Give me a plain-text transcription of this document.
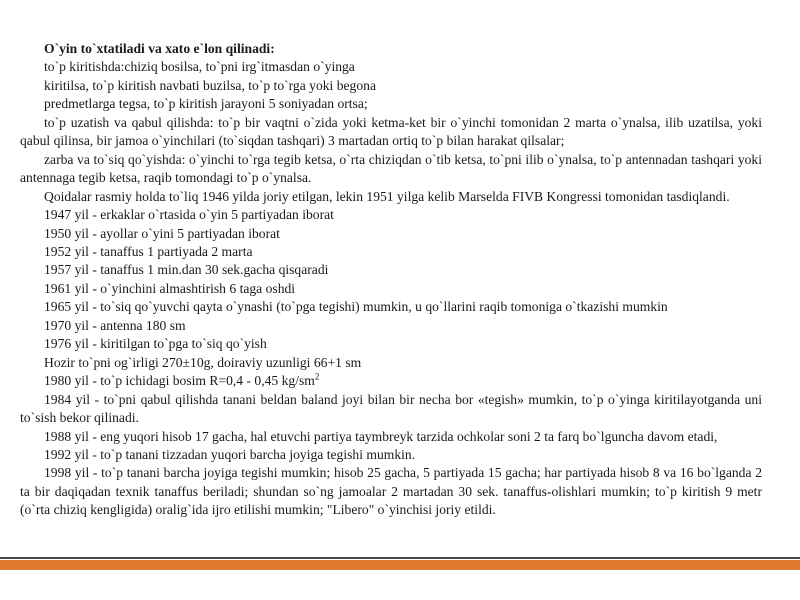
O`yin to`xtatiladi va xato e`lon qilinadi:

to`p kiritishda:chiziq bosilsa, to`pni irg`itmasdan o`yinga

kiritilsa, to`p kiritish navbati buzilsa, to`p to`rga yoki begona

predmetlarga tegsa, to`p kiritish jarayoni 5 soniyadan ortsa;

to`p uzatish va qabul qilishda: to`p bir vaqtni o`zida yoki ketma-ket bir o`yinchi tomonidan 2 marta o`ynalsa, ilib uzatilsa, yoki qabul qilinsa, bir jamoa o`yinchilari (to`siqdan tashqari) 3 martadan ortiq to`p bilan harakat qilsalar;

zarba va to`siq qo`yishda: o`yinchi to`rga tegib ketsa, o`rta chiziqdan o`tib ketsa, to`pni ilib o`ynalsa, to`p antennadan tashqari yoki antennaga tegib ketsa, raqib tomondagi to`p o`ynalsa.

Qoidalar rasmiy holda to`liq 1946 yilda joriy etilgan, lekin 1951 yilga kelib Marselda FIVB Kongressi tomonidan tasdiqlandi.

1947 yil - erkaklar o`rtasida o`yin 5 partiyadan iborat

1950 yil - ayollar o`yini 5 partiyadan iborat

1952 yil - tanaffus 1 partiyada 2 marta

1957 yil - tanaffus 1 min.dan 30 sek.gacha qisqaradi

1961 yil - o`yinchini almashtirish 6 taga oshdi

1965 yil - to`siq qo`yuvchi qayta o`ynashi (to`pga tegishi) mumkin, u qo`llarini raqib tomoniga o`tkazishi mumkin

1970 yil - antenna 180 sm

1976 yil - kiritilgan to`pga to`siq qo`yish

Hozir to`pni og`irligi 270±10g, doiraviy uzunligi 66+1 sm

1980 yil - to`p ichidagi bosim R=0,4 - 0,45 $kg/sm^2$

1984 yil - to`pni qabul qilishda tanani beldan baland joyi bilan bir necha bor «tegish» mumkin, to`p o`yinga kiritilayotganda uni to`sish bekor qilinadi.

1988 yil - eng yuqori hisob 17 gacha, hal etuvchi partiya taymbreyk tarzida ochkolar soni 2 ta farq bo`lguncha davom etadi,

1992 yil - to`p tanani tizzadan yuqori barcha joyiga tegishi mumkin.

1998 yil - to`p tanani barcha joyiga tegishi mumkin; hisob 25 gacha, 5 partiyada 15 gacha; har partiyada hisob 8 va 16 bo`lganda 2 ta bir daqiqadan texnik tanaffus beriladi; shundan so`ng jamoalar 2 martadan 30 sek. tanaffus-olishlari mumkin; to`p kiritish 9 metr (o`rta chiziq kengligida) oralig`ida ijro etilishi mumkin; "Libero" o`yinchisi joriy etildi.
